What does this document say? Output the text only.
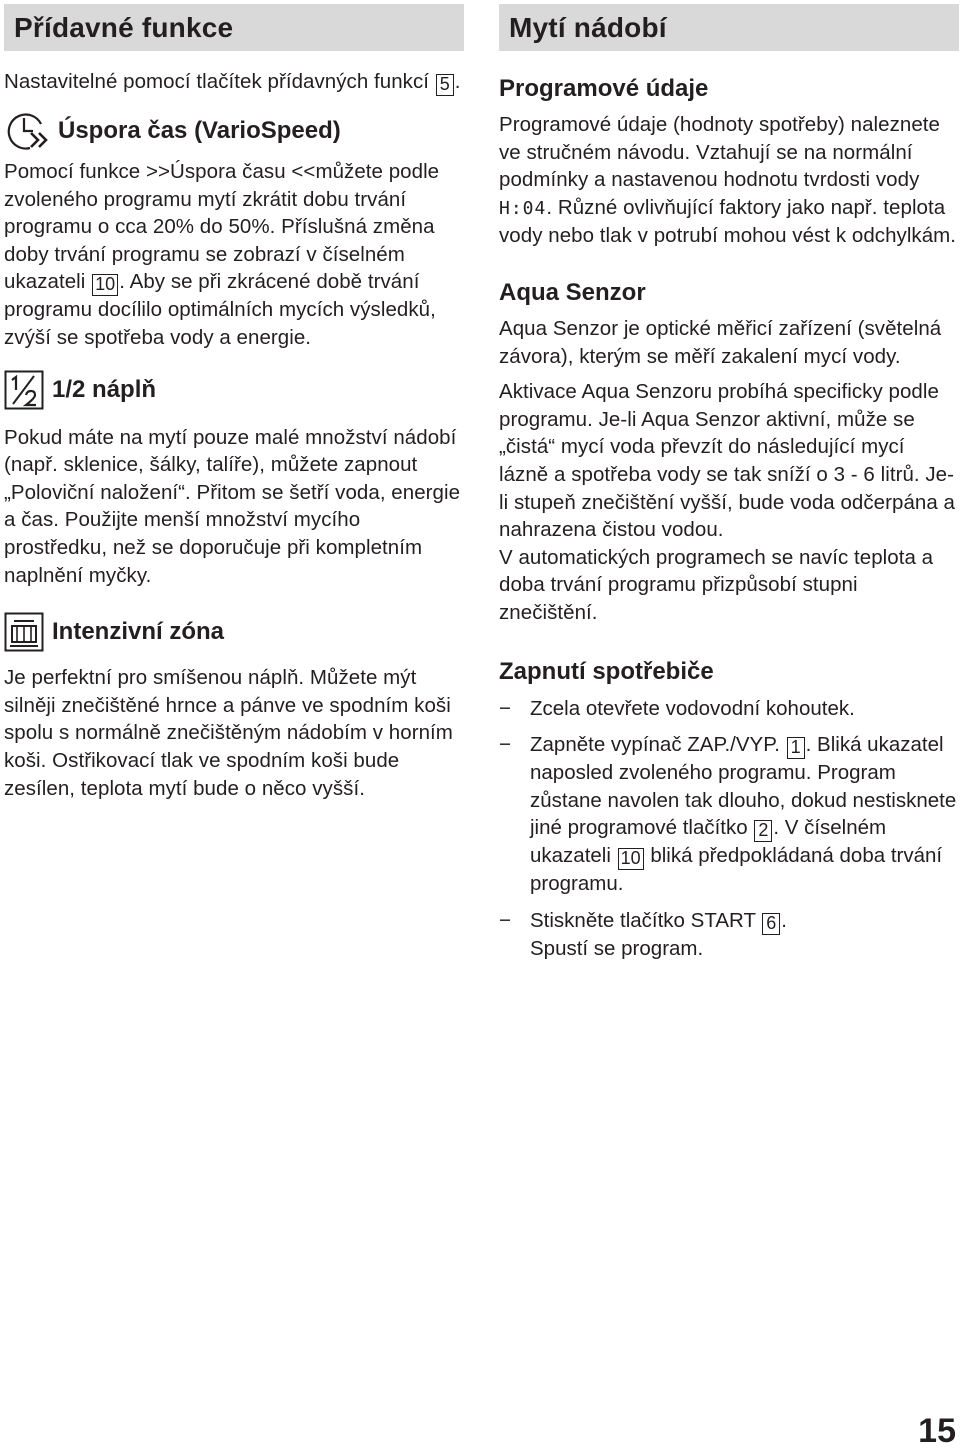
Přídavné funkce

Nastavitelné pomocí tlačítek přídavných funkcí 5 .

Úspora čas (VarioSpeed)

Pomocí funkce >>Úspora času <<můžete podle zvoleného programu mytí zkrátit dobu trvání programu o cca 20% do 50%. Příslušná změna doby trvání programu se zobrazí v číselném ukazateli 10 . Aby se při zkrácené době trvání programu docílilo optimálních mycích výsledků, zvýší se spotřeba vody a energie.

1/2 náplň

Pokud máte na mytí pouze malé množství nádobí (např. sklenice, šálky, talíře), můžete zapnout „Poloviční naložení“. Přitom se šetří voda, energie a čas. Použijte menší množství mycího prostředku, než se doporučuje při kompletním naplnění myčky.

Intenzivní zóna

Je perfektní pro smíšenou náplň. Můžete mýt silněji znečištěné hrnce a pánve ve spodním koši spolu s normálně znečištěným nádobím v horním koši. Ostřikovací tlak ve spodním koši bude zesílen, teplota mytí bude o něco vyšší.

Mytí nádobí
Programové údaje

Programové údaje (hodnoty spotřeby) naleznete ve stručném návodu. Vztahují se na normální podmínky a nastavenou hodnotu tvrdosti vody H:04. Různé ovlivňující faktory jako např. teplota vody nebo tlak v potrubí mohou vést k odchylkám.

Aqua Senzor

Aqua Senzor je optické měřicí zařízení (světelná závora), kterým se měří zakalení mycí vody.

Aktivace Aqua Senzoru probíhá specificky podle programu. Je-li Aqua Senzor aktivní, může se „čistá“ mycí voda převzít do následující mycí lázně a spotřeba vody se tak sníží o 3 - 6 litrů. Je-li stupeň znečištění vyšší, bude voda odčerpána a nahrazena čistou vodou.

V automatických programech se navíc teplota a doba trvání programu přizpůsobí stupni znečištění.

Zapnutí spotřebiče
− Zcela otevřete vodovodní kohoutek.
− Zapněte vypínač ZAP./VYP. 1 . Bliká ukazatel naposled zvoleného programu. Program zůstane navolen tak dlouho, dokud nestisknete jiné programové tlačítko 2 . V číselném ukazateli 10 bliká předpokládaná doba trvání programu.
− Stiskněte tlačítko START 6 .
Spustí se program.
15
